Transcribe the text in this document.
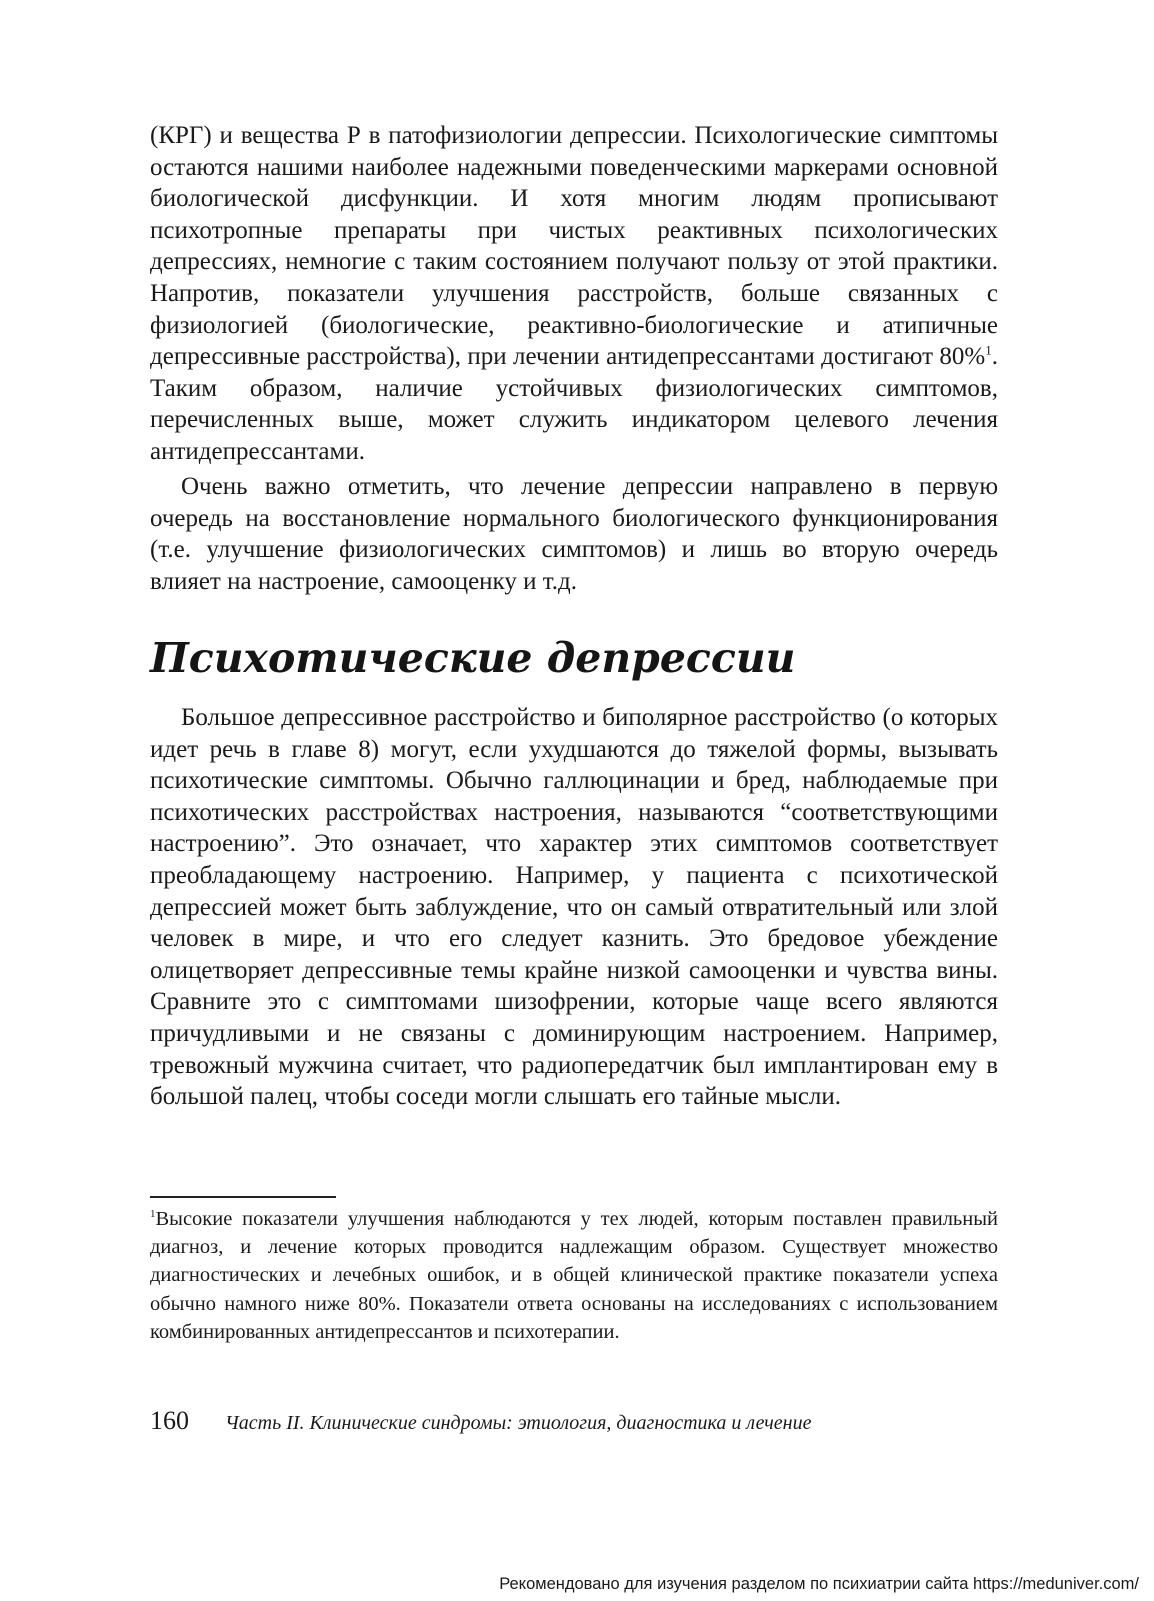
(КРГ) и вещества Р в патофизиологии депрессии. Психологические симптомы остаются нашими наиболее надежными поведенческими маркерами основной биологической дисфункции. И хотя многим людям прописывают психотропные препараты при чистых реактивных психологических депрессиях, немногие с таким состоянием получают пользу от этой практики. Напротив, показатели улучшения расстройств, больше связанных с физиологией (биологические, реактивно-биологические и атипичные депрессивные расстройства), при лечении антидепрессантами достигают 80%$^1$. Таким образом, наличие устойчивых физиологических симптомов, перечисленных выше, может служить индикатором целевого лечения антидепрессантами.

Очень важно отметить, что лечение депрессии направлено в первую очередь на восстановление нормального биологического функционирования (т.е. улучшение физиологических симптомов) и лишь во вторую очередь влияет на настроение, самооценку и т.д.

Психотические депрессии

Большое депрессивное расстройство и биполярное расстройство (о которых идет речь в главе 8) могут, если ухудшаются до тяжелой формы, вызывать психотические симптомы. Обычно галлюцинации и бред, наблюдаемые при психотических расстройствах настроения, называются “соответствующими настроению”. Это означает, что характер этих симптомов соответствует преобладающему настроению. Например, у пациента с психотической депрессией может быть заблуждение, что он самый отвратительный или злой человек в мире, и что его следует казнить. Это бредовое убеждение олицетворяет депрессивные темы крайне низкой самооценки и чувства вины. Сравните это с симптомами шизофрении, которые чаще всего являются причудливыми и не связаны с доминирующим настроением. Например, тревожный мужчина считает, что радиопередатчик был имплантирован ему в большой палец, чтобы соседи могли слышать его тайные мысли.

$^1$Высокие показатели улучшения наблюдаются у тех людей, которым поставлен правильный диагноз, и лечение которых проводится надлежащим образом. Существует множество диагностических и лечебных ошибок, и в общей клинической практике показатели успеха обычно намного ниже 80%. Показатели ответа основаны на исследованиях с использованием комбинированных антидепрессантов и психотерапии.

160 Часть II. Клинические синдромы: этиология, диагностика и лечение
Рекомендовано для изучения разделом по психиатрии сайта https://meduniver.com/
